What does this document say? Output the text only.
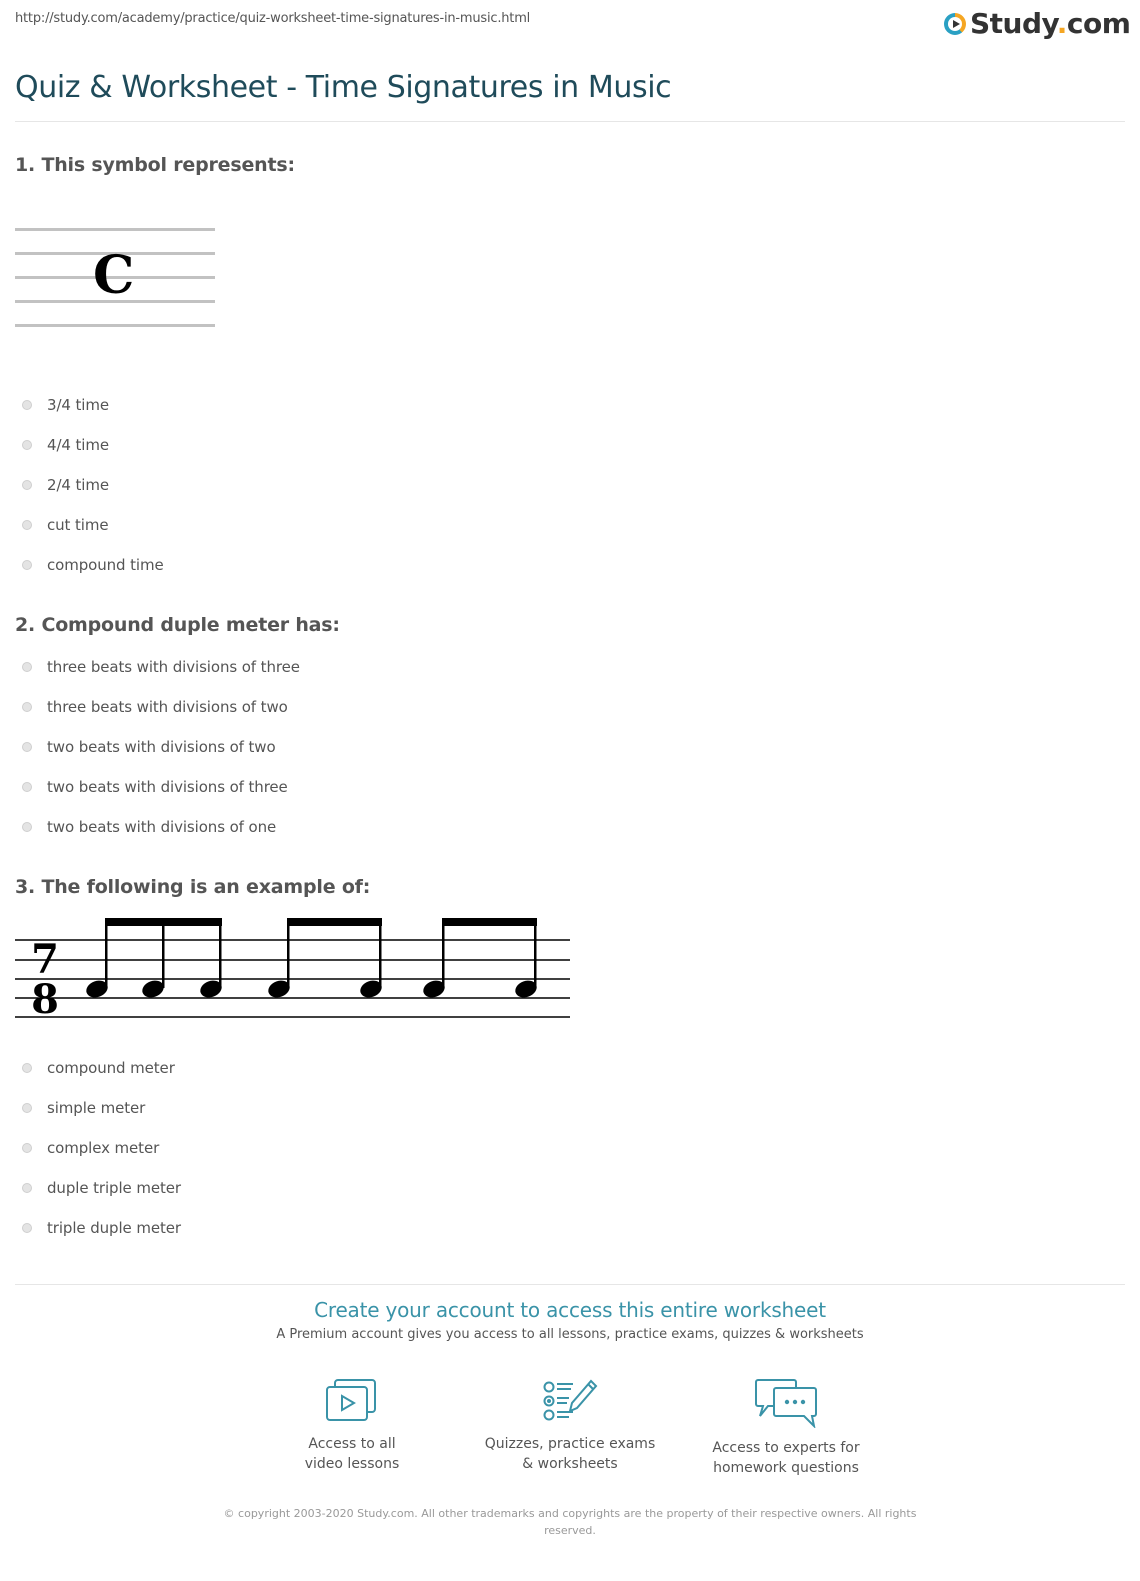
http://study.com/academy/practice/quiz-worksheet-time-signatures-in-music.html	Study.com
Quiz & Worksheet - Time Signatures in Music
1. This symbol represents:
C
3/4 time
4/4 time
2/4 time
cut time
compound time
2. Compound duple meter has:
three beats with divisions of three
three beats with divisions of two
two beats with divisions of two
two beats with divisions of three
two beats with divisions of one
3. The following is an example of:
7
8
compound meter
simple meter
complex meter
duple triple meter
triple duple meter
Create your account to access this entire worksheet
A Premium account gives you access to all lessons, practice exams, quizzes & worksheets
Access to all
video lessons
Quizzes, practice exams
& worksheets
Access to experts for
homework questions
© copyright 2003-2020 Study.com. All other trademarks and copyrights are the property of their respective owners. All rights reserved.
